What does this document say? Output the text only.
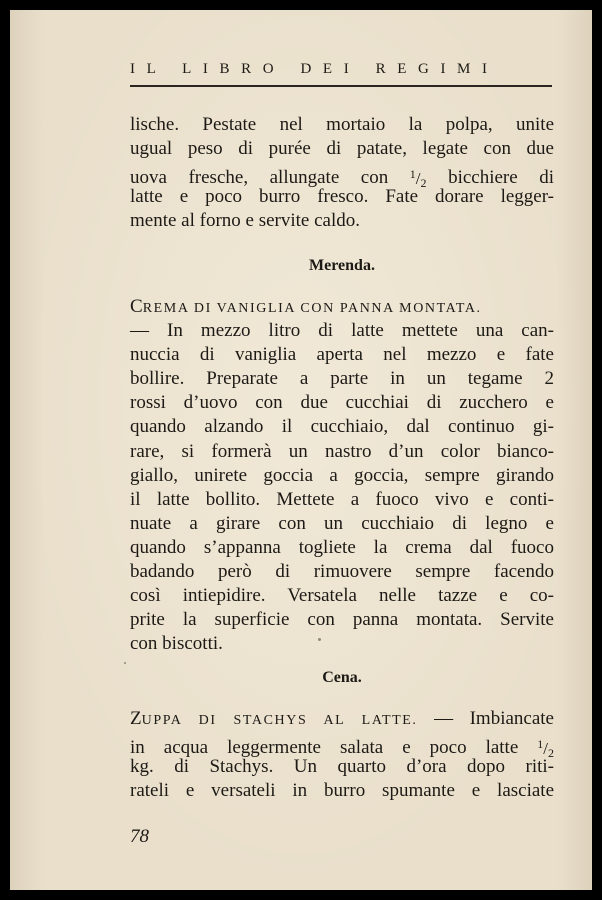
IL LIBRO DEI REGIMI
lische. Pestate nel mortaio la polpa, unite
ugual peso di purée di patate, legate con due
uova fresche, allungate con $^1/_2$ bicchiere di
latte e poco burro fresco. Fate dorare legger-
mente al forno e servite caldo.
Merenda.
CREMA DI VANIGLIA CON PANNA MONTATA.
— In mezzo litro di latte mettete una can-
nuccia di vaniglia aperta nel mezzo e fate
bollire. Preparate a parte in un tegame 2
rossi d’uovo con due cucchiai di zucchero e
quando alzando il cucchiaio, dal continuo gi-
rare, si formerà un nastro d’un color bianco-
giallo, unirete goccia a goccia, sempre girando
il latte bollito. Mettete a fuoco vivo e conti-
nuate a girare con un cucchiaio di legno e
quando s’appanna togliete la crema dal fuoco
badando però di rimuovere sempre facendo
così intiepidire. Versatela nelle tazze e co-
prite la superficie con panna montata. Servite
con biscotti.
Cena.
ZUPPA DI STACHYS AL LATTE. — Imbiancate
in acqua leggermente salata e poco latte $^1/_2$
kg. di Stachys. Un quarto d’ora dopo riti-
rateli e versateli in burro spumante e lasciate
78
